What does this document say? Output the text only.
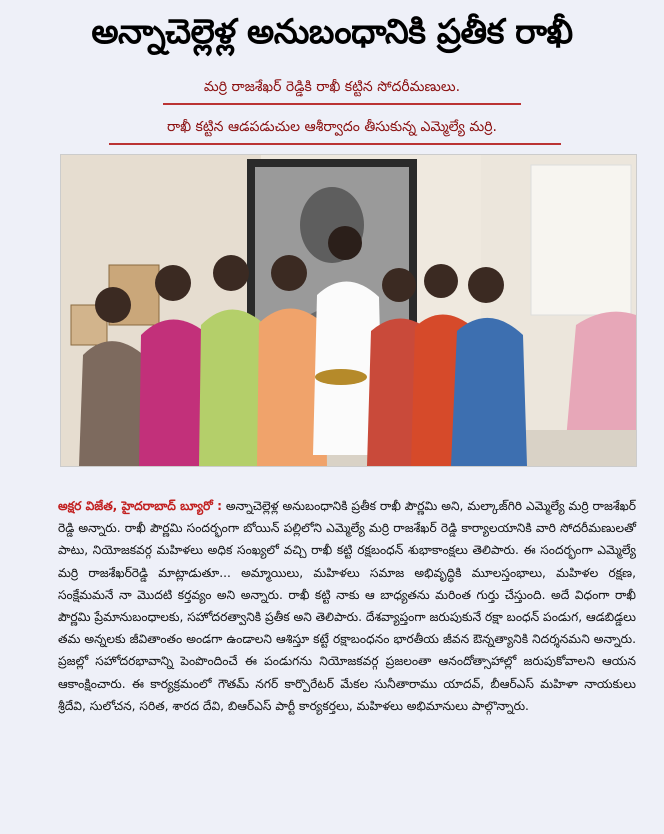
అన్నాచెల్లెళ్ల అనుబంధానికి ప్రతీక రాఖీ
మర్రి రాజశేఖర్ రెడ్డికి రాఖీ కట్టిన సోదరీమణులు.
రాఖీ కట్టిన ఆడపడుచుల ఆశీర్వాదం తీసుకున్న ఎమ్మెల్యే మర్రి.
అక్షర విజేత, హైదరాబాద్ బ్యూరో : అన్నాచెల్లెళ్ల అనుబంధానికి ప్రతీక రాఖీ పౌర్ణమి అని, మల్కాజ్‌గిరి ఎమ్మెల్యే మర్రి రాజశేఖర్ రెడ్డి అన్నారు. రాఖీ పౌర్ణమి సందర్భంగా బోయిన్ పల్లిలోని ఎమ్మెల్యే మర్రి రాజశేఖర్ రెడ్డి కార్యాలయానికి వారి సోదరీమణులతో పాటు, నియోజకవర్గ మహిళలు అధిక సంఖ్యలో వచ్చి రాఖీ కట్టి రక్షబంధన్ శుభాకాంక్షలు తెలిపారు. ఈ సందర్భంగా ఎమ్మెల్యే మర్రి రాజశేఖర్‌రెడ్డి మాట్లాడుతూ... అమ్మాయిలు, మహిళలు సమాజ అభివృద్ధికి మూలస్తంభాలు, మహిళల రక్షణ, సంక్షేమమనే నా మొదటి కర్తవ్యం అని అన్నారు. రాఖీ కట్టి నాకు ఆ బాధ్యతను మరింత గుర్తు చేస్తుంది. అదే విధంగా రాఖీ పౌర్ణమి ప్రేమానుబంధాలకు, సహోదరత్వానికి ప్రతీక అని తెలిపారు. దేశవ్యాప్తంగా జరుపుకునే రక్షా బంధన్ పండుగ, ఆడబిడ్డలు తమ అన్నలకు జీవితాంతం అండగా ఉండాలని ఆశిస్తూ కట్టే రక్షాబంధనం భారతీయ జీవన ఔన్నత్యానికి నిదర్శనమని అన్నారు. ప్రజల్లో సహోదరభావాన్ని పెంపొందించే ఈ పండుగను నియోజకవర్గ ప్రజలంతా ఆనందోత్సాహాల్లో జరుపుకోవాలని ఆయన ఆకాంక్షించారు. ఈ కార్యక్రమంలో గౌతమ్ నగర్ కార్పొరేటర్ మేకల సునీతారాము యాదవ్, బీఆర్ఎస్ మహిళా నాయకులు శ్రీదేవి, సులోచన, సరిత, శారద దేవి, బిఆర్ఎస్ పార్టీ కార్యకర్తలు, మహిళలు అభిమానులు పాల్గొన్నారు.
